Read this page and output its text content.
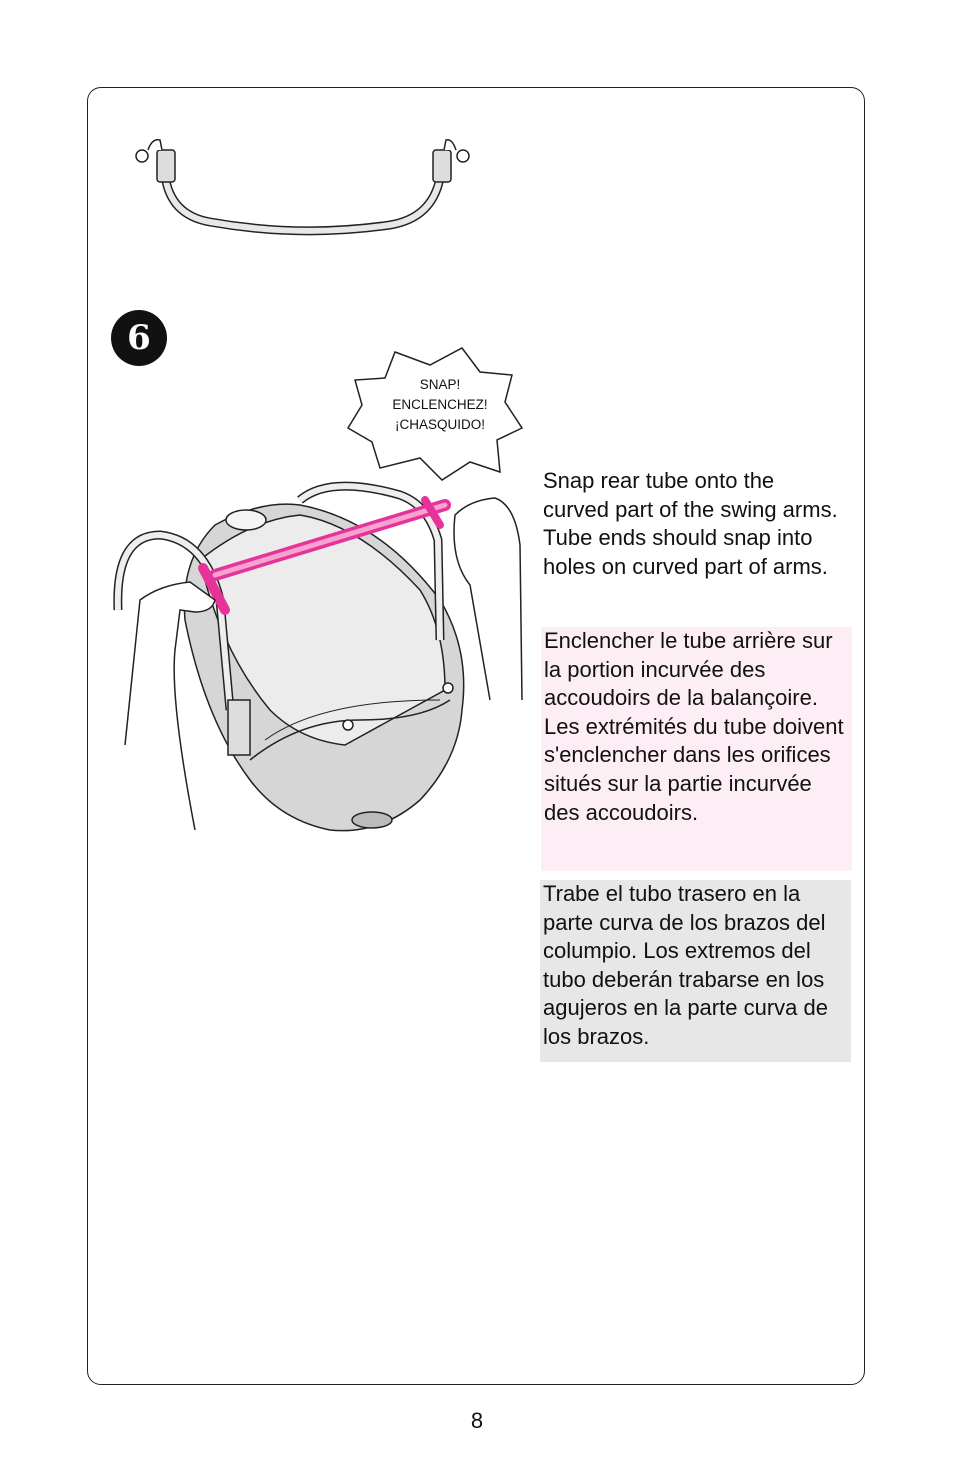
6
SNAP!
ENCLENCHEZ!
¡CHASQUIDO!
Snap rear tube onto the curved part of the swing arms. Tube ends should snap into holes on curved part of arms.
Enclencher le tube arrière sur la portion incurvée des accoudoirs de la balançoire. Les extrémités du tube doivent s'enclencher dans les orifices situés sur la partie incurvée des accoudoirs.
Trabe el tubo trasero en la parte curva de los brazos del columpio. Los extremos del tubo deberán trabarse en los agujeros en la parte curva de los brazos.
8
